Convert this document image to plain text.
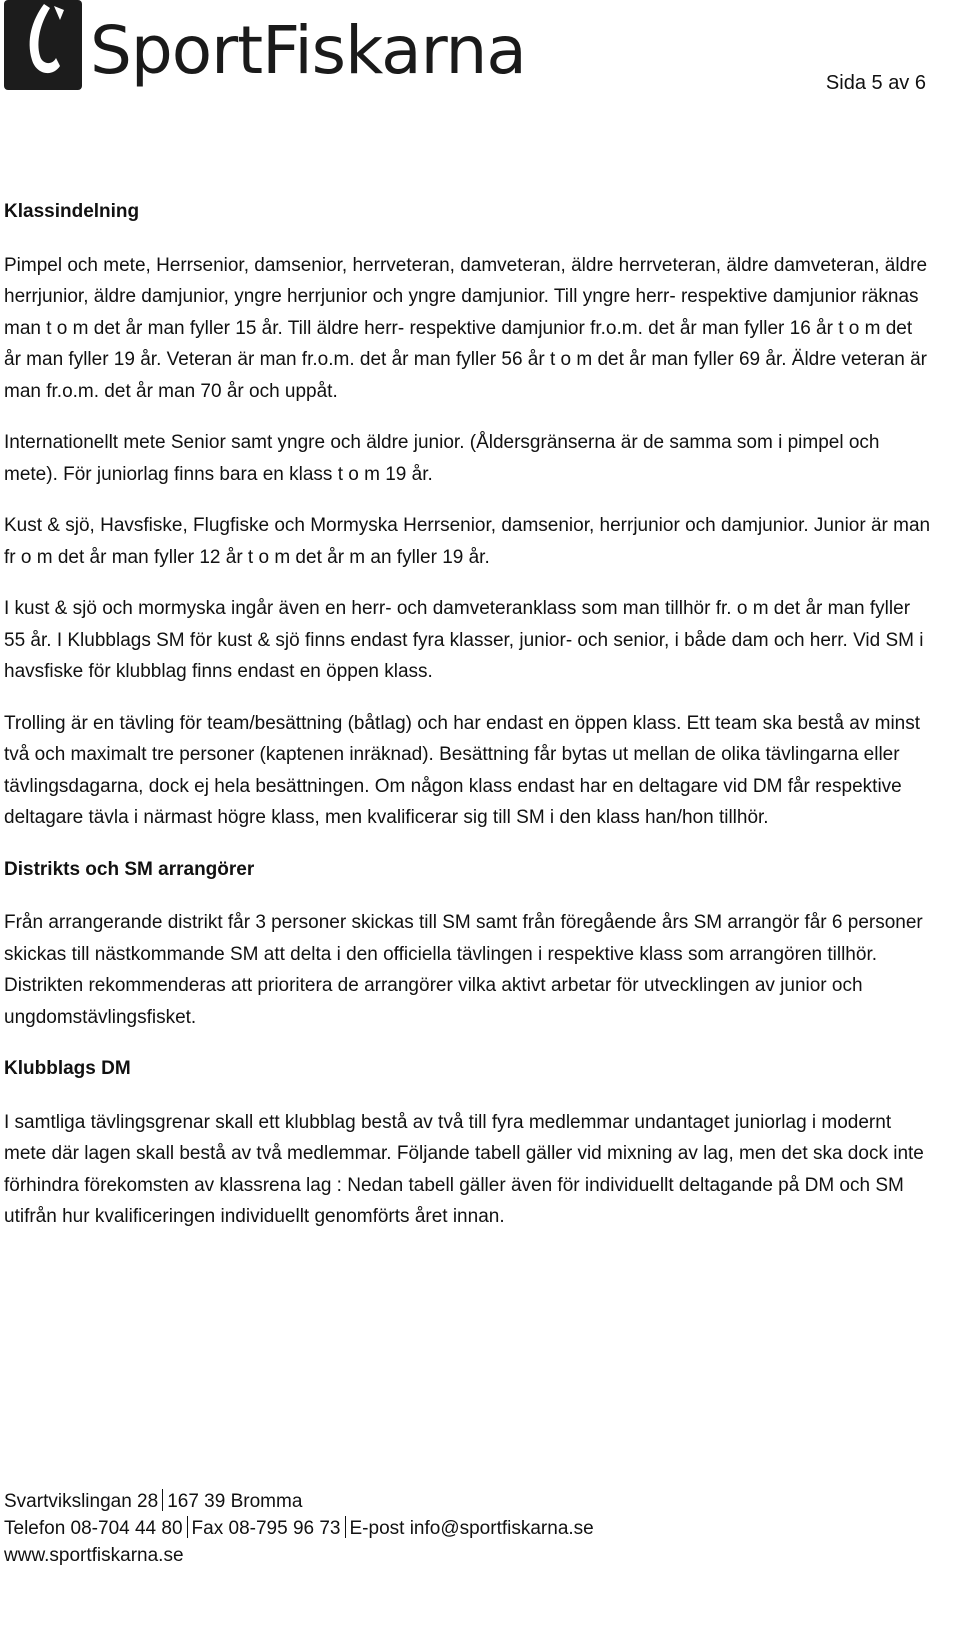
SportFiskarna	Sida 5 av 6
Klassindelning

Pimpel och mete, Herrsenior, damsenior, herrveteran, damveteran, äldre herrveteran, äldre damveteran, äldre herrjunior, äldre damjunior, yngre herrjunior och yngre damjunior. Till yngre herr- respektive damjunior räknas man t o m det år man fyller 15 år. Till äldre herr- respektive damjunior fr.o.m. det år man fyller 16 år t o m det år man fyller 19 år. Veteran är man fr.o.m. det år man fyller 56 år t o m det år man fyller 69 år. Äldre veteran är man fr.o.m. det år man 70 år och uppåt.

Internationellt mete Senior samt yngre och äldre junior. (Åldersgränserna är de samma som i pimpel och mete). För juniorlag finns bara en klass t o m 19 år.

Kust & sjö, Havsfiske, Flugfiske och Mormyska Herrsenior, damsenior, herrjunior och damjunior. Junior är man fr o m det år man fyller 12 år t o m det år m an fyller 19 år.

I kust & sjö och mormyska ingår även en herr- och damveteranklass som man tillhör fr. o m det år man fyller 55 år. I Klubblags SM för kust & sjö finns endast fyra klasser, junior- och senior, i både dam och herr. Vid SM i havsfiske för klubblag finns endast en öppen klass.

Trolling är en tävling för team/besättning (båtlag) och har endast en öppen klass. Ett team ska bestå av minst två och maximalt tre personer (kaptenen inräknad). Besättning får bytas ut mellan de olika tävlingarna eller tävlingsdagarna, dock ej hela besättningen. Om någon klass endast har en deltagare vid DM får respektive deltagare tävla i närmast högre klass, men kvalificerar sig till SM i den klass han/hon tillhör.

Distrikts och SM arrangörer

Från arrangerande distrikt får 3 personer skickas till SM samt från föregående års SM arrangör får 6 personer skickas till nästkommande SM att delta i den officiella tävlingen i respektive klass som arrangören tillhör. Distrikten rekommenderas att prioritera de arrangörer vilka aktivt arbetar för utvecklingen av junior och ungdomstävlingsfisket.

Klubblags DM

I samtliga tävlingsgrenar skall ett klubblag bestå av två till fyra medlemmar undantaget juniorlag i modernt mete där lagen skall bestå av två medlemmar. Följande tabell gäller vid mixning av lag, men det ska dock inte förhindra förekomsten av klassrena lag : Nedan tabell gäller även för individuellt deltagande på DM och SM utifrån hur kvalificeringen individuellt genomförts året innan.

Svartvikslingan 28 167 39 Bromma
Telefon 08-704 44 80 Fax 08-795 96 73 E-post info@sportfiskarna.se
www.sportfiskarna.se
